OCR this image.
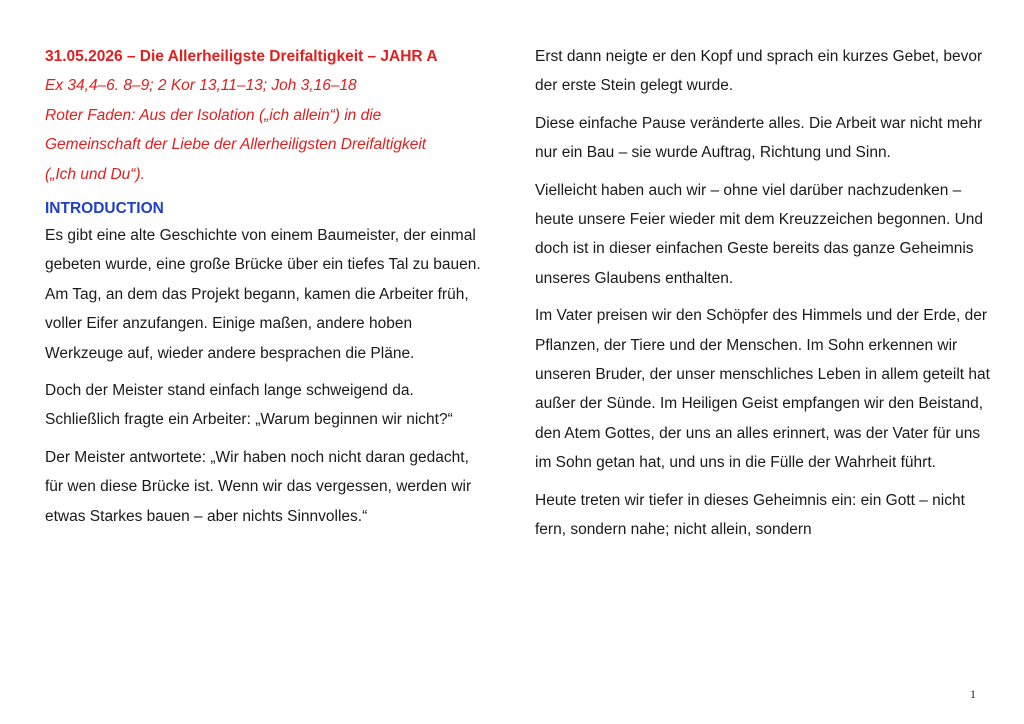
31.05.2026 – Die Allerheiligste Dreifaltigkeit – JAHR A
Ex 34,4–6. 8–9; 2 Kor 13,11–13; Joh 3,16–18
Roter Faden: Aus der Isolation („ich allein“) in die
Gemeinschaft der Liebe der Allerheiligsten Dreifaltigkeit
(„Ich und Du“).
INTRODUCTION

Es gibt eine alte Geschichte von einem Baumeister, der einmal gebeten wurde, eine große Brücke über ein tiefes Tal zu bauen. Am Tag, an dem das Projekt begann, kamen die Arbeiter früh, voller Eifer anzufangen. Einige maßen, andere hoben Werkzeuge auf, wieder andere besprachen die Pläne.

Doch der Meister stand einfach lange schweigend da. Schließlich fragte ein Arbeiter: „Warum beginnen wir nicht?“

Der Meister antwortete: „Wir haben noch nicht daran gedacht, für wen diese Brücke ist. Wenn wir das vergessen, werden wir etwas Starkes bauen – aber nichts Sinnvolles.“

Erst dann neigte er den Kopf und sprach ein kurzes Gebet, bevor der erste Stein gelegt wurde.

Diese einfache Pause veränderte alles. Die Arbeit war nicht mehr nur ein Bau – sie wurde Auftrag, Richtung und Sinn.

Vielleicht haben auch wir – ohne viel darüber nachzudenken – heute unsere Feier wieder mit dem Kreuzzeichen begonnen. Und doch ist in dieser einfachen Geste bereits das ganze Geheimnis unseres Glaubens enthalten.

Im Vater preisen wir den Schöpfer des Himmels und der Erde, der Pflanzen, der Tiere und der Menschen. Im Sohn erkennen wir unseren Bruder, der unser menschliches Leben in allem geteilt hat außer der Sünde. Im Heiligen Geist empfangen wir den Beistand, den Atem Gottes, der uns an alles erinnert, was der Vater für uns im Sohn getan hat, und uns in die Fülle der Wahrheit führt.

Heute treten wir tiefer in dieses Geheimnis ein: ein Gott – nicht fern, sondern nahe; nicht allein, sondern

1
